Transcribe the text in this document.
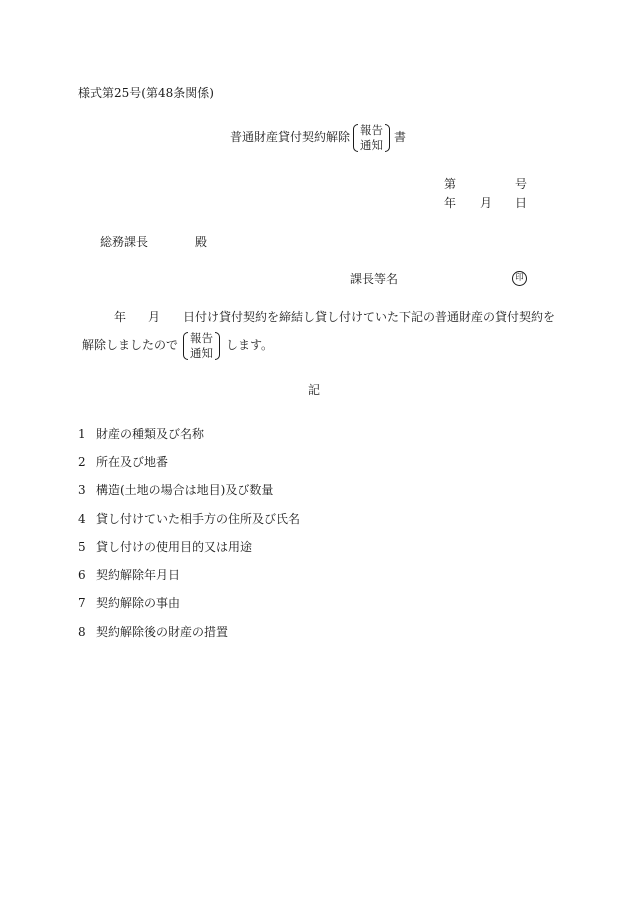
様式第25号(第48条関係)
普通財産貸付契約解除 報告
通知
書
第	号
年 月 日
総務課長	殿
課長等名	印
年 月 日付け貸付契約を締結し貸し付けていた下記の普通財産の貸付契約を
解除しましたので 報告
通知
します。
記
1 財産の種類及び名称
2 所在及び地番
3 構造(土地の場合は地目)及び数量
4 貸し付けていた相手方の住所及び氏名
5 貸し付けの使用目的又は用途
6 契約解除年月日
7 契約解除の事由
8 契約解除後の財産の措置
